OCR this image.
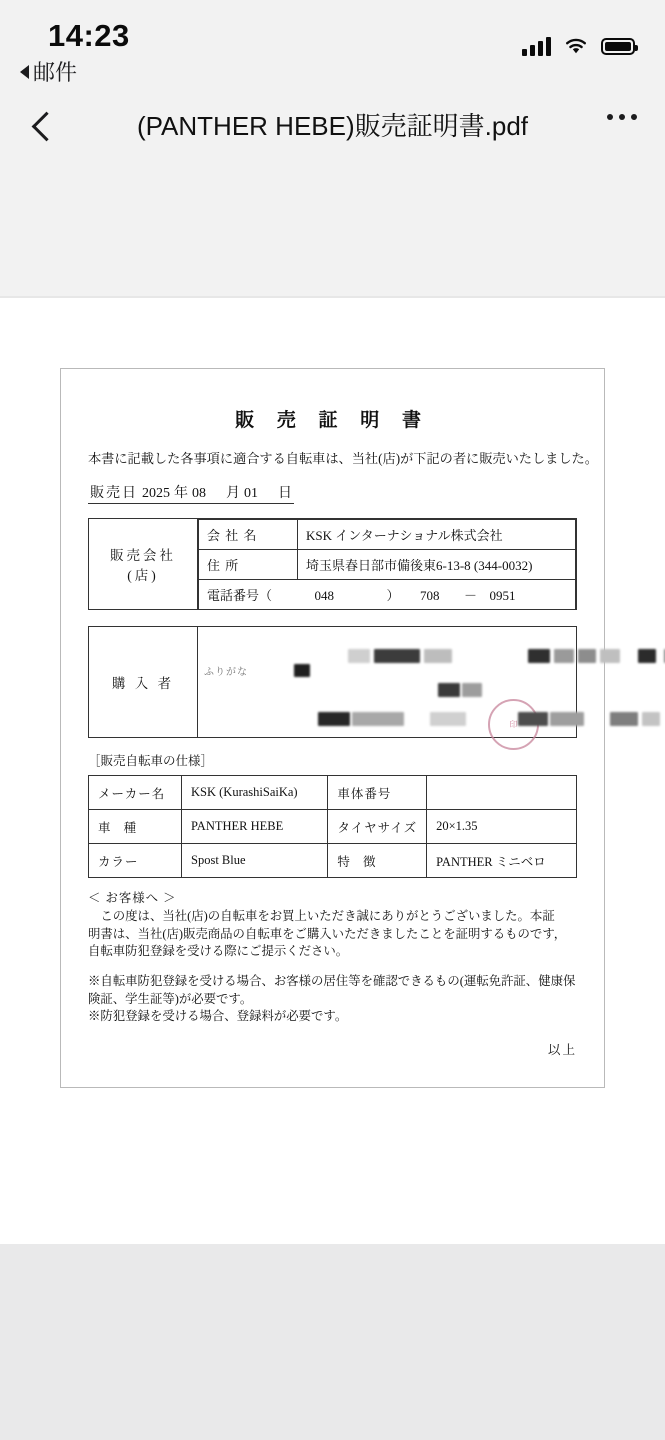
14:23
邮件
(PANTHER HEBE)販売証明書.pdf
販 売 証 明 書
本書に記載した各事項に適合する自転車は、当社(店)が下記の者に販売いたしました。
販売日 2025 年 08	月 01	日
販売会社(店)	
会 社 名	KSK インターナショナル株式会社
住 所	埼玉県春日部市備後東6-13-8 (344-0032)
電話番号（	048	） 708 － 0951
印
購 入 者	
ふりがな
［販売自転車の仕様］
メーカー名	KSK (KurashiSaiKa)	車体番号	
車 種	PANTHER HEBE	タイヤサイズ	20×1.35
カラー	Spost Blue	特 徴	PANTHER ミニベロ

＜ お客様へ ＞

この度は、当社(店)の自転車をお買上いただき誠にありがとうございました。本証

明書は、当社(店)販売商品の自転車をご購入いただきましたことを証明するものです，

自転車防犯登録を受ける際にご提示ください。

※自転車防犯登録を受ける場合、お客様の居住等を確認できるもの(運転免許証、健康保

険証、学生証等)が必要です。

※防犯登録を受ける場合、登録料が必要です。

以上
